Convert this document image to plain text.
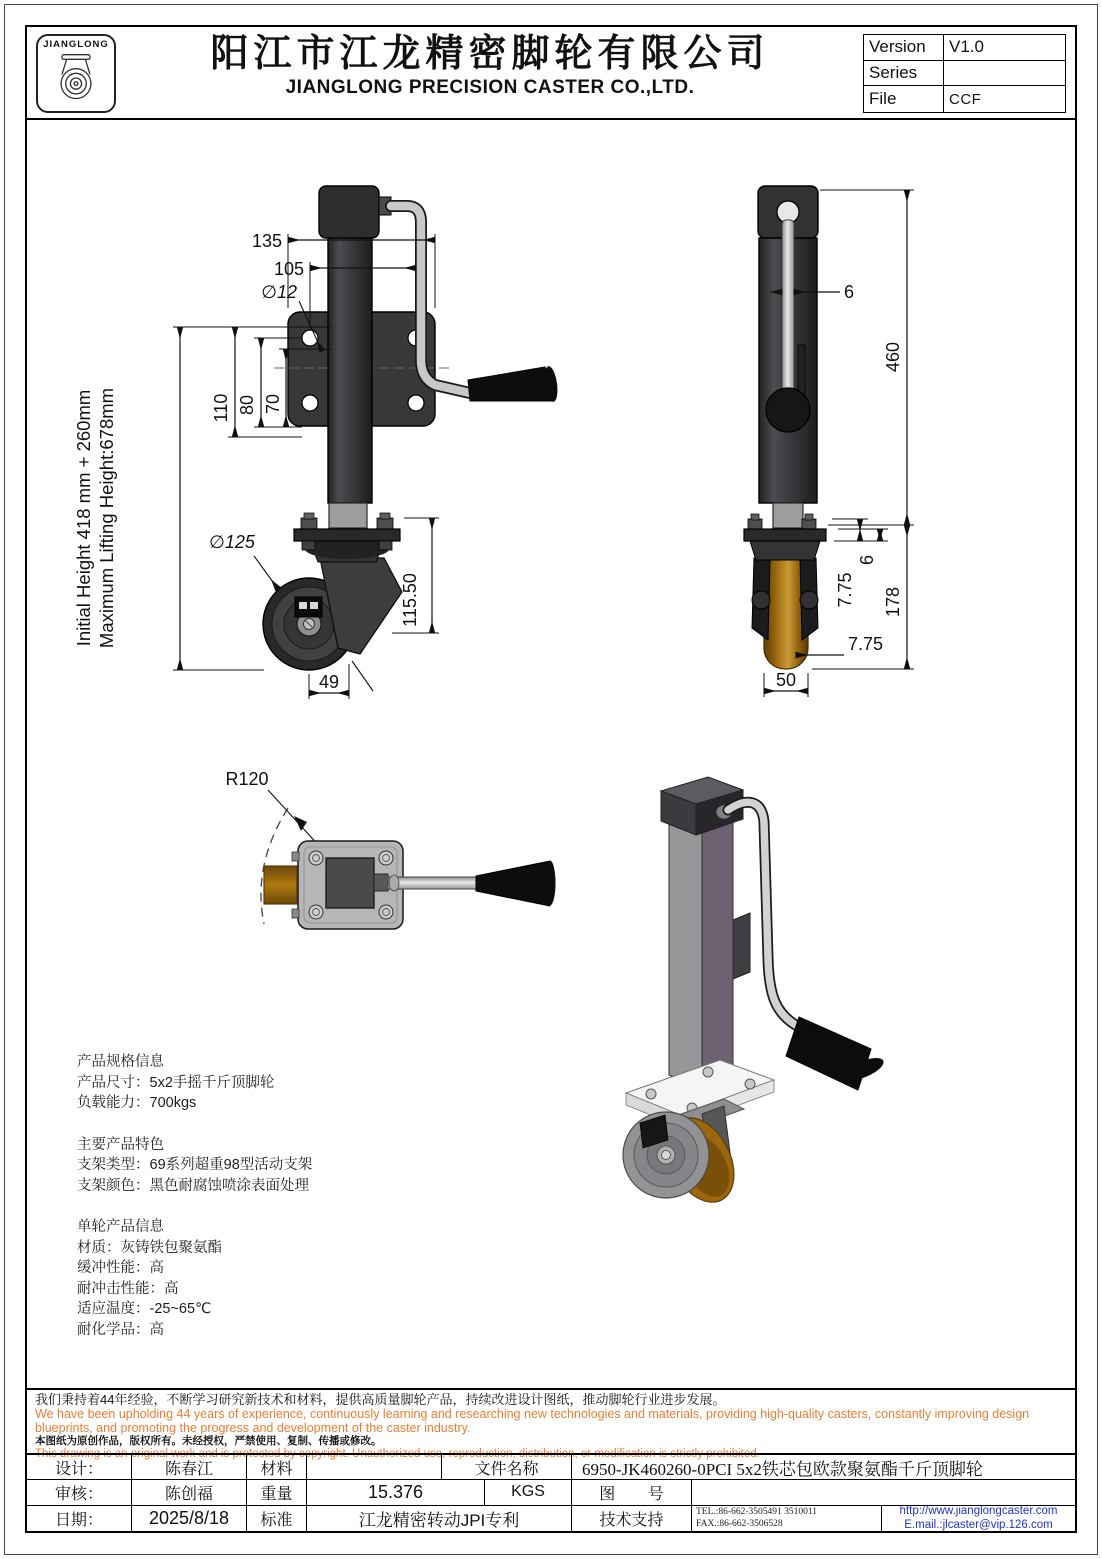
JIANGLONG	阳江市江龙精密脚轮有限公司
JIANGLONG PRECISION CASTER CO.,LTD.
Version	V1.0
Series
File	CCF
135
105
∅12
110 80 70
Initial Height 418 mm + 260mm Maximum Lifting Height:678mm	∅125
115.50
49
6
460
178
7.75
6
7.75
50
R120

产品规格信息

产品尺寸：5x2手摇千斤顶脚轮

负载能力：700kgs

主要产品特色

支架类型：69系列超重98型活动支架

支架颜色：黑色耐腐蚀喷涂表面处理

单轮产品信息

材质：灰铸铁包聚氨酯

缓冲性能：高

耐冲击性能：高

适应温度：-25~65℃

耐化学品：高

我们秉持着44年经验，不断学习研究新技术和材料，提供高质量脚轮产品，持续改进设计图纸，推动脚轮行业进步发展。
We have been upholding 44 years of experience, continuously learning and researching new technologies and materials, providing high-quality casters, constantly improving design blueprints, and promoting the progress and development of the caster industry.
本图纸为原创作品，版权所有。未经授权，严禁使用、复制、传播或修改。
This drawing is an original work and is protected by copyright. Unauthorized use, reproduction, distribution, or modification is strictly prohibited.
设计：	陈春江	材料	文件名称	6950-JK460260-0PCI 5x2铁芯包欧款聚氨酯千斤顶脚轮
审核：	陈创福	重量	15.376	KGS	图 号
日期：	2025/8/18	标准	江龙精密转动JPI专利	技术支持	TEL.:86-662-3505491 3510011
FAX.:86-662-3506528
http://www.jianglongcaster.com
E.mail.:jlcaster@vip.126.com
